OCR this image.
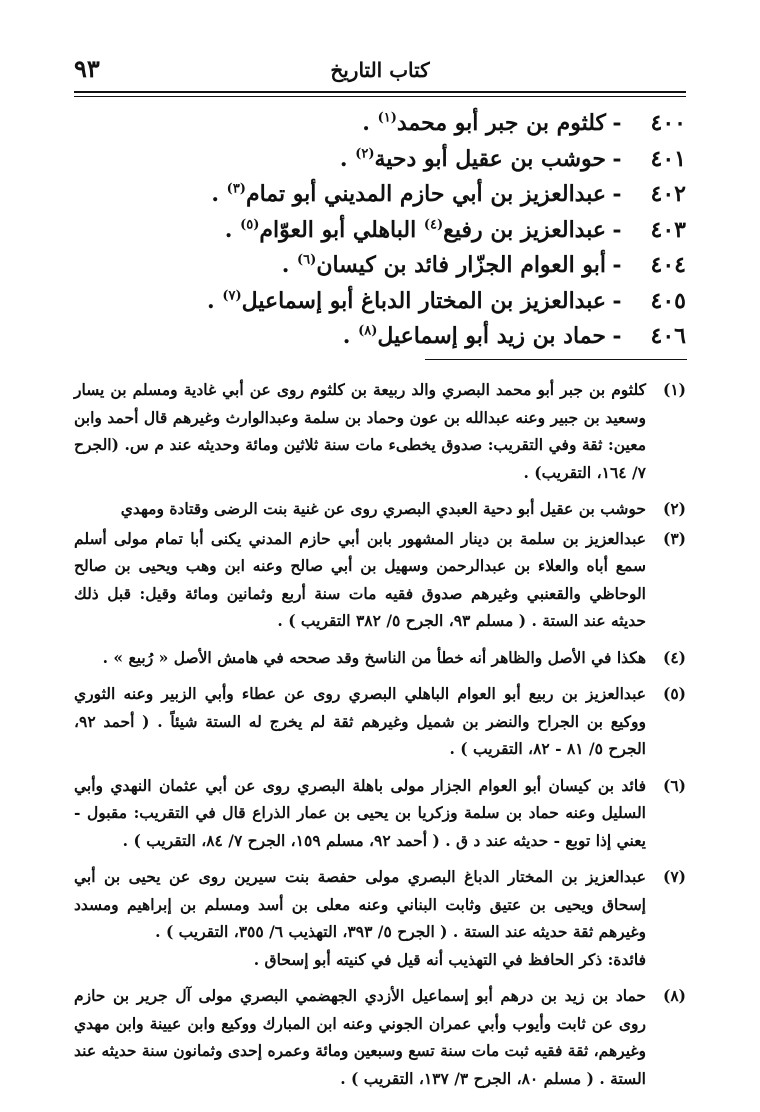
كتاب التاريخ
٩٣
٤٠٠
-
كلثوم بن جبر أبو محمد$^{(١)}$ .
٤٠١
-
حوشب بن عقيل أبو دحية$^{(٢)}$ .
٤٠٢
-
عبدالعزيز بن أبي حازم المديني أبو تمام$^{(٣)}$ .
٤٠٣
-
عبدالعزيز بن رفيع$^{(٤)}$ الباهلي أبو العوّام$^{(٥)}$ .
٤٠٤
-
أبو العوام الجزّار فائد بن كيسان$^{(٦)}$ .
٤٠٥
-
عبدالعزيز بن المختار الدباغ أبو إسماعيل$^{(٧)}$ .
٤٠٦
-
حماد بن زيد أبو إسماعيل$^{(٨)}$ .
(١)
كلثوم بن جبر أبو محمد البصري والد ربيعة بن كلثوم روى عن أبي غادية ومسلم بن يسار وسعيد بن جبير وعنه عبدالله بن عون وحماد بن سلمة وعبدالوارث وغيرهم قال أحمد وابن معين: ثقة وفي التقريب: صدوق يخطىء مات سنة ثلاثين ومائة وحديثه عند م س. (الجرح ٧/ ١٦٤، التقريب) .
(٢)
حوشب بن عقيل أبو دحية العبدي البصري روى عن غنية بنت الرضى وقتادة ومهدي
(٣)
عبدالعزيز بن سلمة بن دينار المشهور بابن أبي حازم المدني يكنى أبا تمام مولى أسلم سمع أباه والعلاء بن عبدالرحمن وسهيل بن أبي صالح وعنه ابن وهب ويحيى بن صالح الوحاظي والقعنبي وغيرهم صدوق فقيه مات سنة أربع وثمانين ومائة وقيل: قبل ذلك حديثه عند الستة . ( مسلم ٩٣، الجرح ٥/ ٣٨٢ التقريب ) .
(٤)
هكذا في الأصل والظاهر أنه خطأ من الناسخ وقد صححه في هامش الأصل « رُبيع » .
(٥)
عبدالعزيز بن ربيع أبو العوام الباهلي البصري روى عن عطاء وأبي الزبير وعنه الثوري ووكيع بن الجراح والنضر بن شميل وغيرهم ثقة لم يخرج له الستة شيئاً . ( أحمد ٩٢، الجرح ٥/ ٨١ - ٨٢، التقريب ) .
(٦)
فائد بن كيسان أبو العوام الجزار مولى باهلة البصري روى عن أبي عثمان النهدي وأبي السليل وعنه حماد بن سلمة وزكريا بن يحيى بن عمار الذراع قال في التقريب: مقبول - يعني إذا توبع - حديثه عند د ق . ( أحمد ٩٢، مسلم ١٥٩، الجرح ٧/ ٨٤، التقريب ) .
(٧)

عبدالعزيز بن المختار الدباغ البصري مولى حفصة بنت سيرين روى عن يحيى بن أبي إسحاق ويحيى بن عتيق وثابت البناني وعنه معلى بن أسد ومسلم بن إبراهيم ومسدد وغيرهم ثقة حديثه عند الستة . ( الجرح ٥/ ٣٩٣، التهذيب ٦/ ٣٥٥، التقريب ) .

فائدة: ذكر الحافظ في التهذيب أنه قيل في كنيته أبو إسحاق .

(٨)
حماد بن زيد بن درهم أبو إسماعيل الأزدي الجهضمي البصري مولى آل جرير بن حازم روى عن ثابت وأيوب وأبي عمران الجوني وعنه ابن المبارك ووكيع وابن عيينة وابن مهدي وغيرهم، ثقة فقيه ثبت مات سنة تسع وسبعين ومائة وعمره إحدى وثمانون سنة حديثه عند الستة . ( مسلم ٨٠، الجرح ٣/ ١٣٧، التقريب ) .
